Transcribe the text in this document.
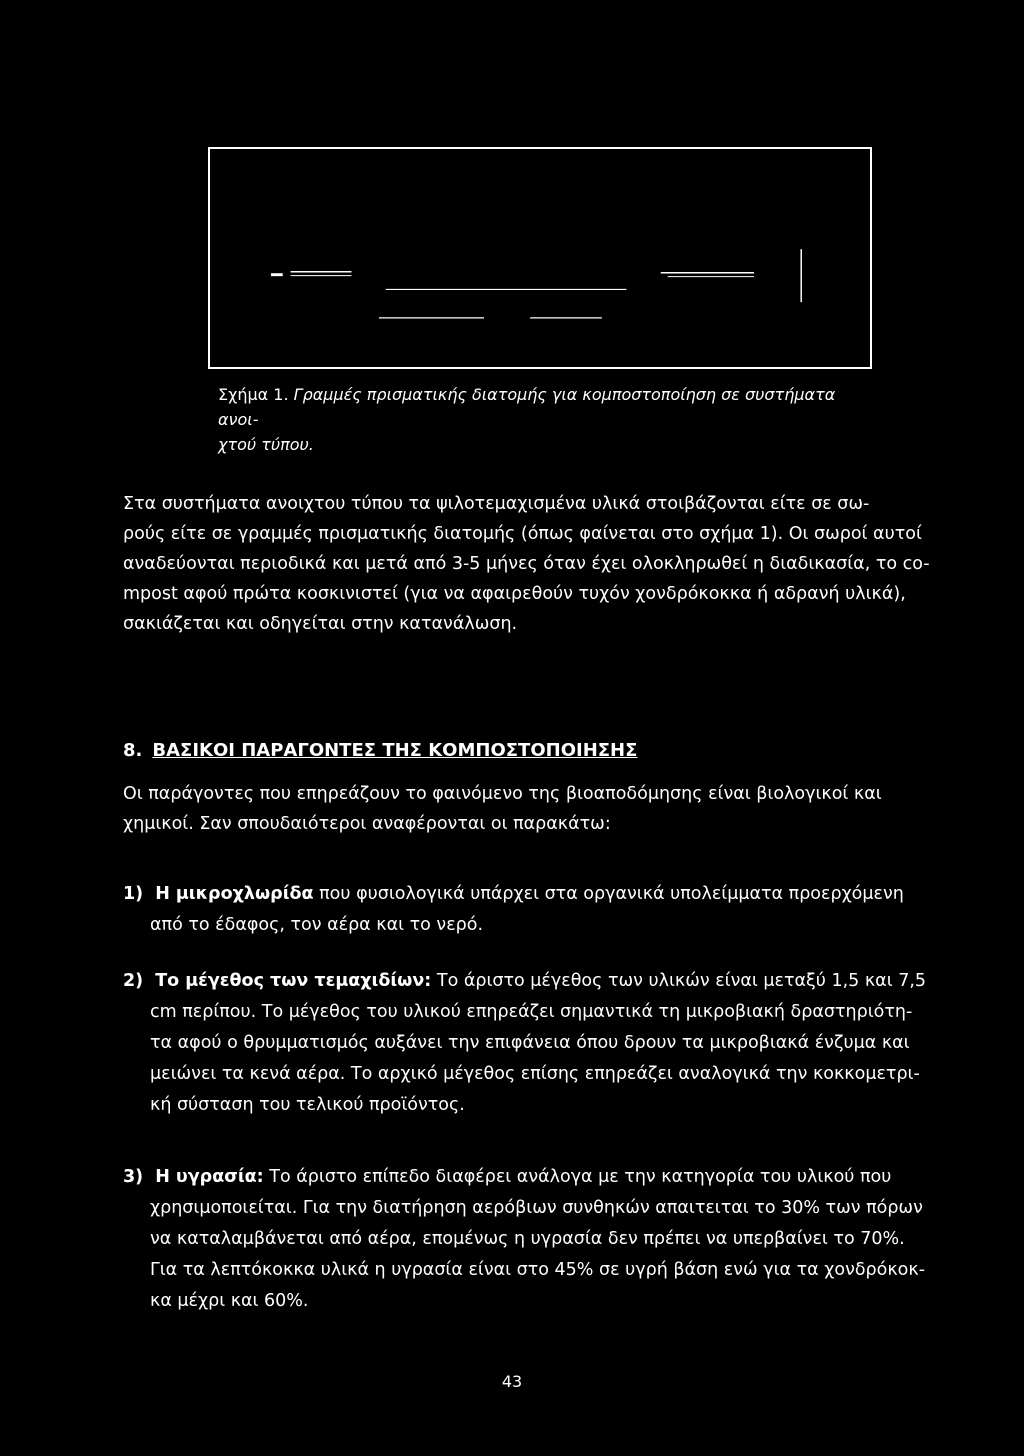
Σχήμα 1. Γραμμές πρισματικής διατομής για κομποστοποίηση σε συστήματα ανοι-
χτού τύπου.

Στα συστήματα ανοιχτου τύπου τα ψιλοτεμαχισμένα υλικά στοιβάζονται είτε σε σω-
ρούς είτε σε γραμμές πρισματικής διατομής (όπως φαίνεται στο σχήμα 1). Οι σωροί αυτοί
αναδεύονται περιοδικά και μετά από 3-5 μήνες όταν έχει ολοκληρωθεί η διαδικασία, το co-
mpost αφού πρώτα κοσκινιστεί (για να αφαιρεθούν τυχόν χονδρόκοκκα ή αδρανή υλικά),
σακιάζεται και οδηγείται στην κατανάλωση.

8. ΒΑΣΙΚΟΙ ΠΑΡΑΓΟΝΤΕΣ ΤΗΣ ΚΟΜΠΟΣΤΟΠΟΙΗΣΗΣ

Οι παράγοντες που επηρεάζουν το φαινόμενο της βιοαποδόμησης είναι βιολογικοί και
χημικοί. Σαν σπουδαιότεροι αναφέρονται οι παρακάτω:

1) Η μικροχλωρίδα που φυσιολογικά υπάρχει στα οργανικά υπολείμματα προερχόμενη
από το έδαφος, τον αέρα και το νερό.
2) Το μέγεθος των τεμαχιδίων: Το άριστο μέγεθος των υλικών είναι μεταξύ 1,5 και 7,5
cm περίπου. Το μέγεθος του υλικού επηρεάζει σημαντικά τη μικροβιακή δραστηριότη-
τα αφού ο θρυμματισμός αυξάνει την επιφάνεια όπου δρουν τα μικροβιακά ένζυμα και
μειώνει τα κενά αέρα. Το αρχικό μέγεθος επίσης επηρεάζει αναλογικά την κοκκομετρι-
κή σύσταση του τελικού προϊόντος.
3) Η υγρασία: Το άριστο επίπεδο διαφέρει ανάλογα με την κατηγορία του υλικού που
χρησιμοποιείται. Για την διατήρηση αερόβιων συνθηκών απαιτειται το 30% των πόρων
να καταλαμβάνεται από αέρα, επομένως η υγρασία δεν πρέπει να υπερβαίνει το 70%.
Για τα λεπτόκοκκα υλικά η υγρασία είναι στο 45% σε υγρή βάση ενώ για τα χονδρόκοκ-
κα μέχρι και 60%.
43
